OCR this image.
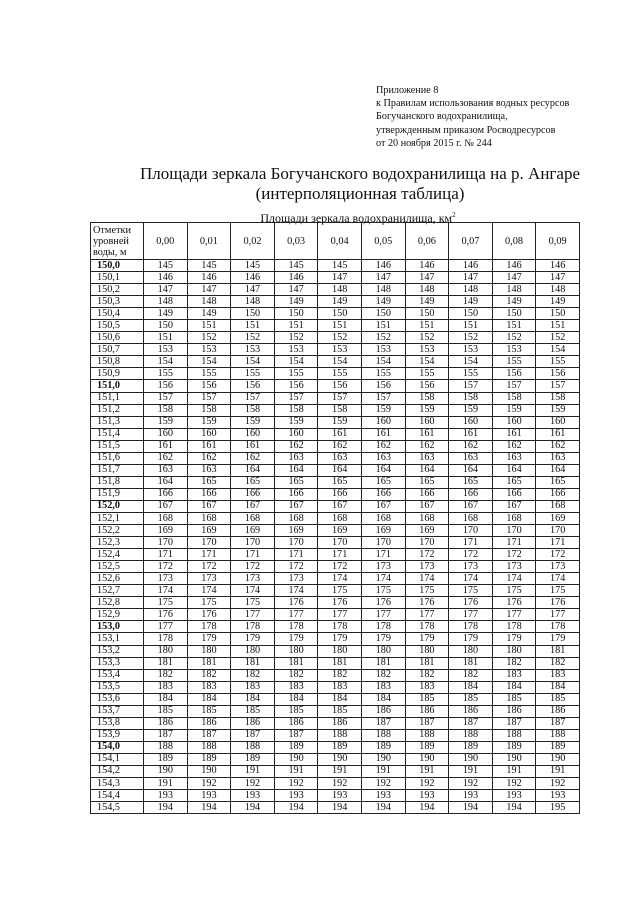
Приложение 8
к Правилам использования водных ресурсов
Богучанского водохранилища,
утвержденным приказом Росводресурсов
от 20 ноября 2015 г. № 244
Площади зеркала Богучанского водохранилища на р. Ангаре
(интерполяционная таблица)
Площади зеркала водохранилища, $км^2$
Отметки
уровней
воды, м	0,00	0,01	0,02	0,03	0,04	0,05	0,06	0,07	0,08	0,09
150,0	145	145	145	145	145	146	146	146	146	146
150,1	146	146	146	146	147	147	147	147	147	147
150,2	147	147	147	147	148	148	148	148	148	148
150,3	148	148	148	149	149	149	149	149	149	149
150,4	149	149	150	150	150	150	150	150	150	150
150,5	150	151	151	151	151	151	151	151	151	151
150,6	151	152	152	152	152	152	152	152	152	152
150,7	153	153	153	153	153	153	153	153	153	154
150,8	154	154	154	154	154	154	154	154	155	155
150,9	155	155	155	155	155	155	155	155	156	156
151,0	156	156	156	156	156	156	156	157	157	157
151,1	157	157	157	157	157	157	158	158	158	158
151,2	158	158	158	158	158	159	159	159	159	159
151,3	159	159	159	159	159	160	160	160	160	160
151,4	160	160	160	160	161	161	161	161	161	161
151,5	161	161	161	162	162	162	162	162	162	162
151,6	162	162	162	163	163	163	163	163	163	163
151,7	163	163	164	164	164	164	164	164	164	164
151,8	164	165	165	165	165	165	165	165	165	165
151,9	166	166	166	166	166	166	166	166	166	166
152,0	167	167	167	167	167	167	167	167	167	168
152,1	168	168	168	168	168	168	168	168	168	169
152,2	169	169	169	169	169	169	169	170	170	170
152,3	170	170	170	170	170	170	170	171	171	171
152,4	171	171	171	171	171	171	172	172	172	172
152,5	172	172	172	172	172	173	173	173	173	173
152,6	173	173	173	173	174	174	174	174	174	174
152,7	174	174	174	174	175	175	175	175	175	175
152,8	175	175	175	176	176	176	176	176	176	176
152,9	176	176	177	177	177	177	177	177	177	177
153,0	177	178	178	178	178	178	178	178	178	178
153,1	178	179	179	179	179	179	179	179	179	179
153,2	180	180	180	180	180	180	180	180	180	181
153,3	181	181	181	181	181	181	181	181	182	182
153,4	182	182	182	182	182	182	182	182	183	183
153,5	183	183	183	183	183	183	183	184	184	184
153,6	184	184	184	184	184	184	185	185	185	185
153,7	185	185	185	185	185	186	186	186	186	186
153,8	186	186	186	186	186	187	187	187	187	187
153,9	187	187	187	187	188	188	188	188	188	188
154,0	188	188	188	189	189	189	189	189	189	189
154,1	189	189	189	190	190	190	190	190	190	190
154,2	190	190	191	191	191	191	191	191	191	191
154,3	191	192	192	192	192	192	192	192	192	192
154,4	193	193	193	193	193	193	193	193	193	193
154,5	194	194	194	194	194	194	194	194	194	195
